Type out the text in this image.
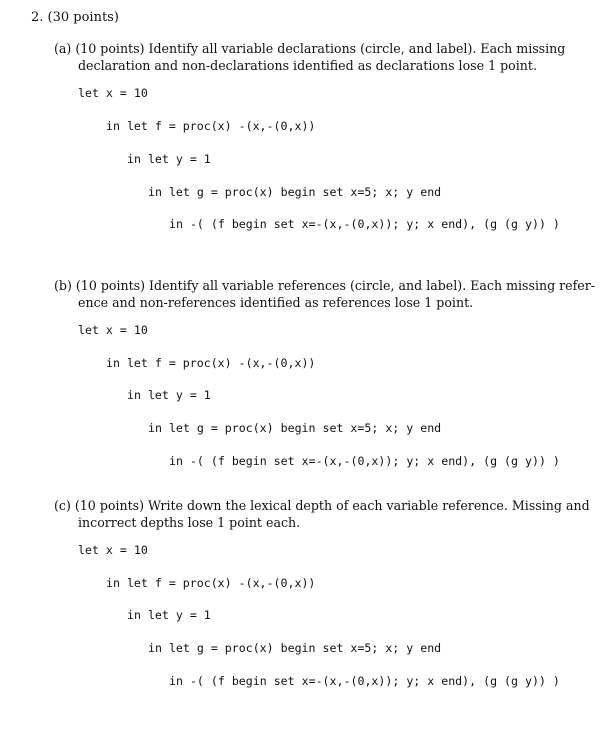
2. (30 points)
(a) (10 points) Identify all variable declarations (circle, and label). Each missing
declaration and non-declarations identified as declarations lose 1 point.
let x = 10
in let f = proc(x) -(x,-(0,x))
in let y = 1
in let g = proc(x) begin set x=5; x; y end
in -( (f begin set x=-(x,-(0,x)); y; x end), (g (g y)) )
(b) (10 points) Identify all variable references (circle, and label). Each missing refer-
ence and non-references identified as references lose 1 point.
let x = 10
in let f = proc(x) -(x,-(0,x))
in let y = 1
in let g = proc(x) begin set x=5; x; y end
in -( (f begin set x=-(x,-(0,x)); y; x end), (g (g y)) )
(c) (10 points) Write down the lexical depth of each variable reference. Missing and
incorrect depths lose 1 point each.
let x = 10
in let f = proc(x) -(x,-(0,x))
in let y = 1
in let g = proc(x) begin set x=5; x; y end
in -( (f begin set x=-(x,-(0,x)); y; x end), (g (g y)) )
